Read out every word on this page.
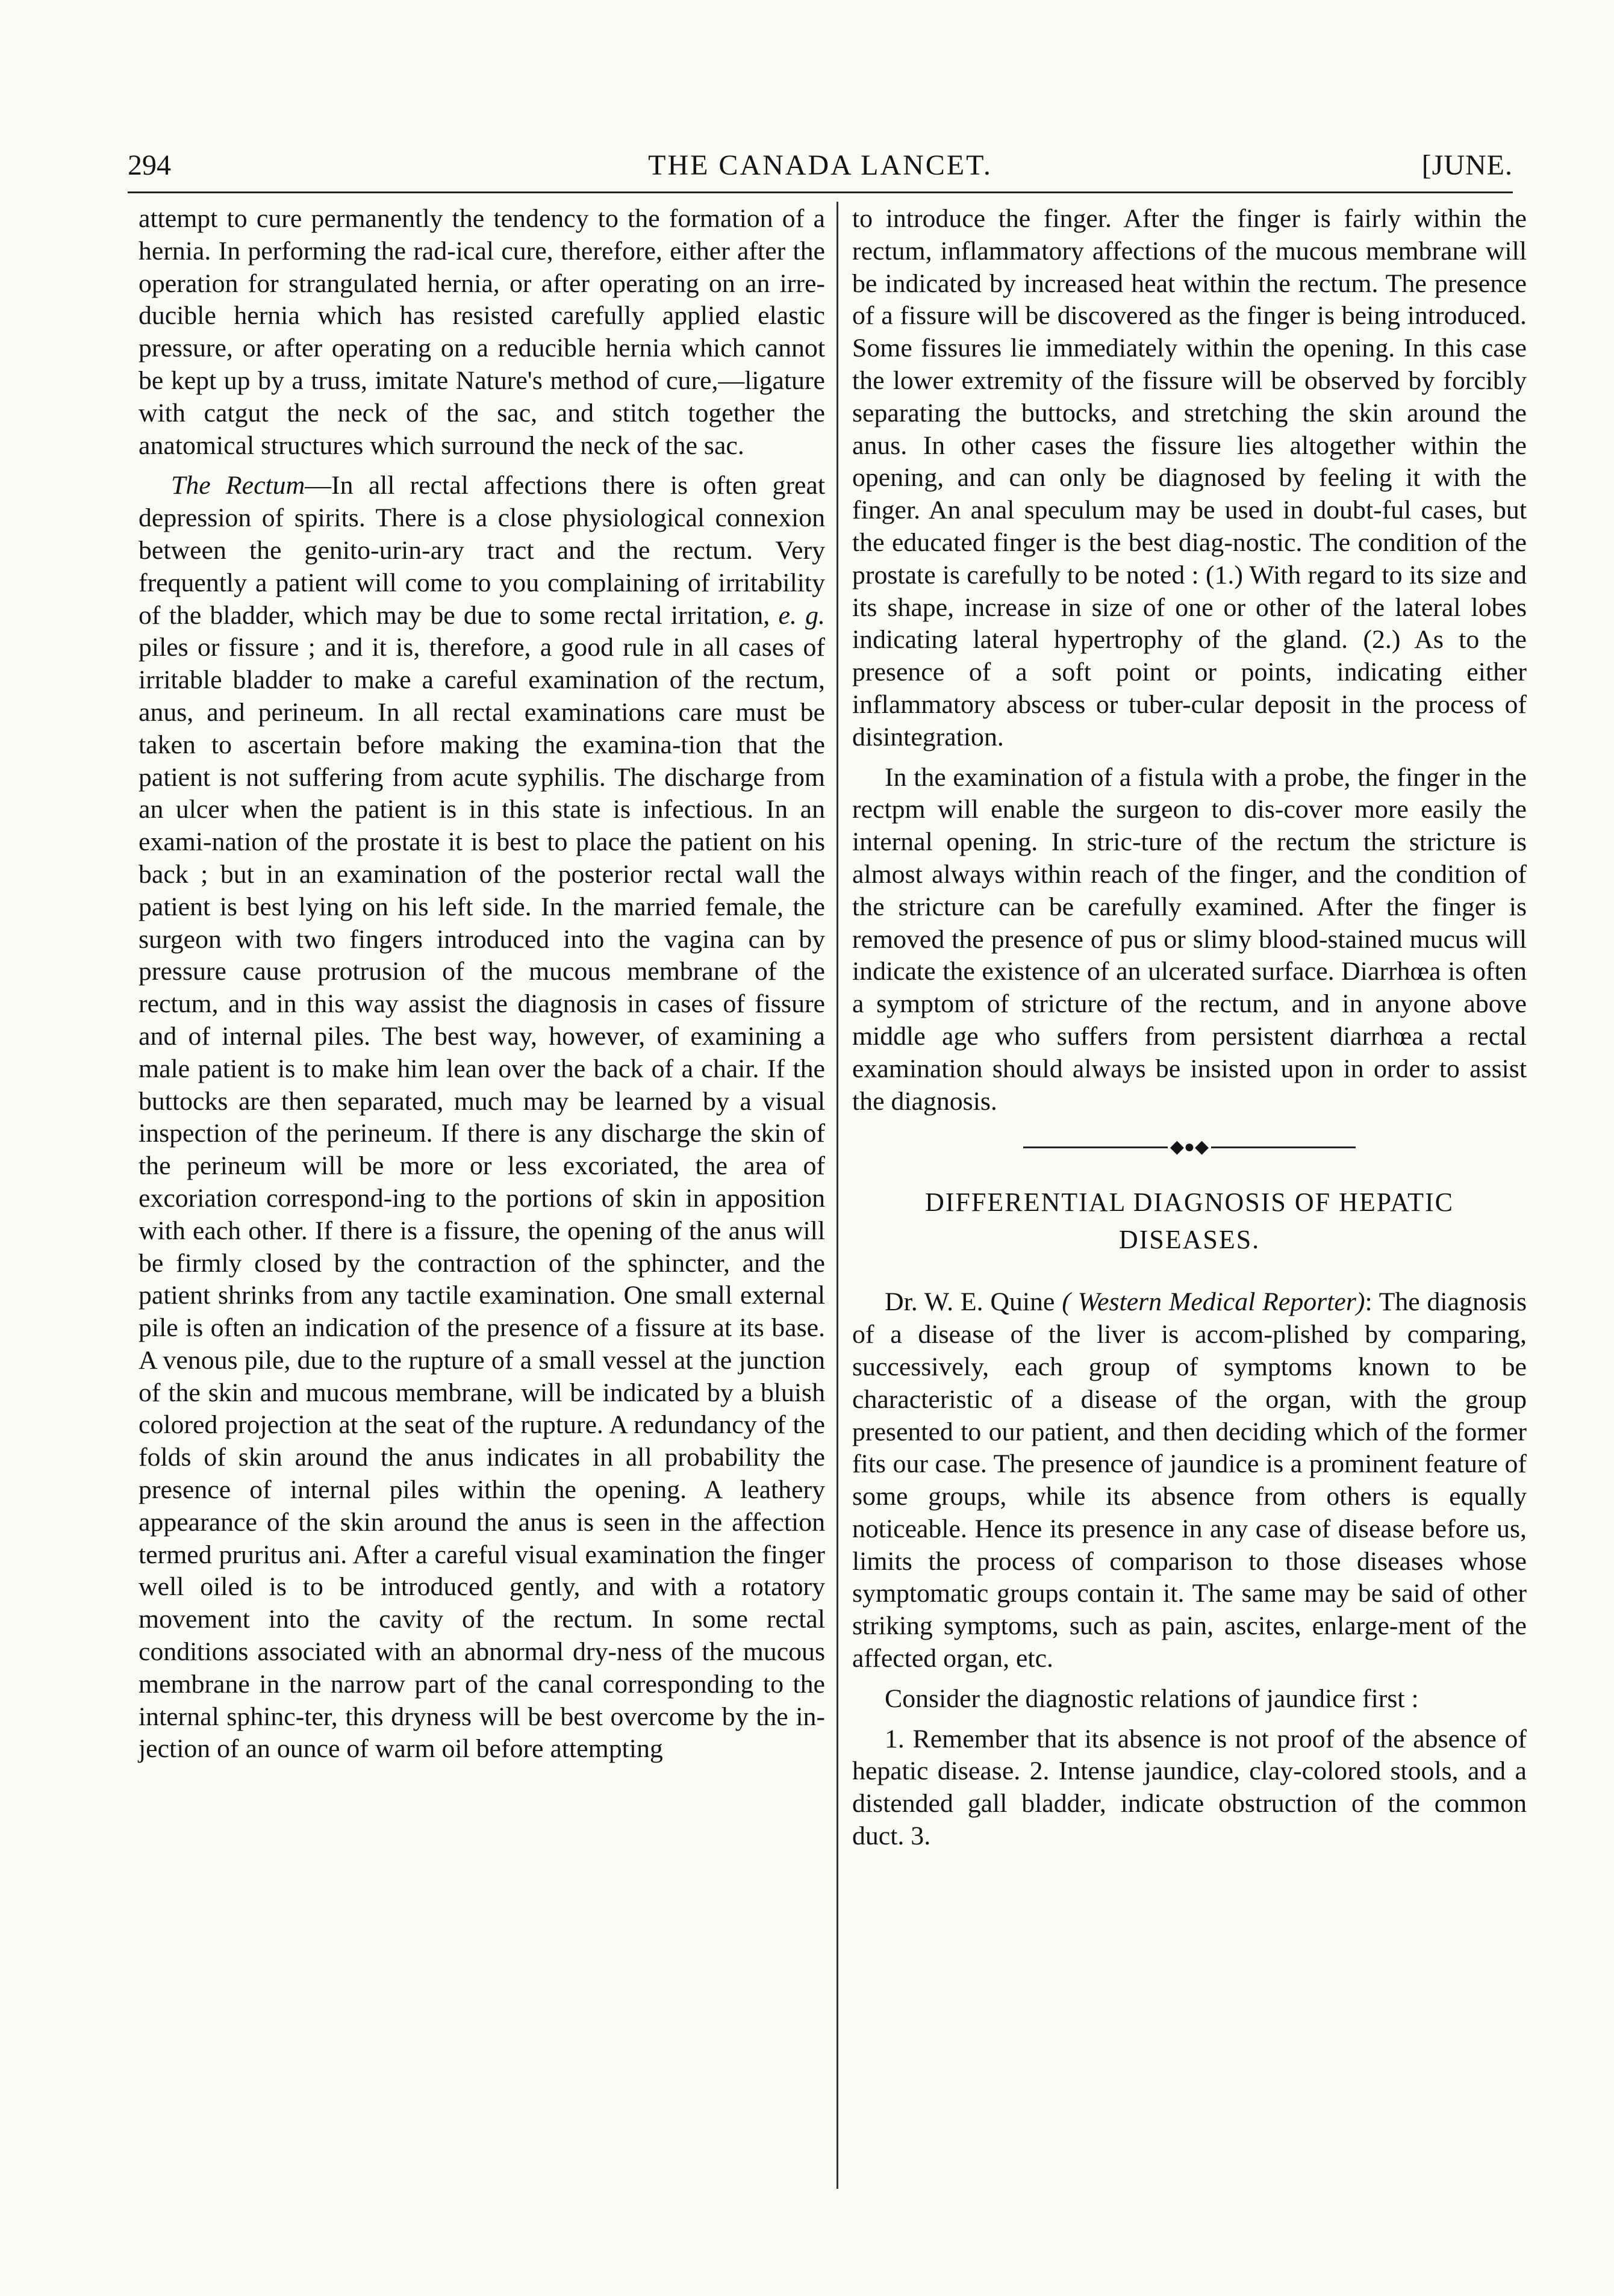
294	THE CANADA LANCET.	[JUNE.

attempt to cure permanently the tendency to the formation of a hernia. In performing the rad-ical cure, therefore, either after the operation for strangulated hernia, or after operating on an irre-ducible hernia which has resisted carefully applied elastic pressure, or after operating on a reducible hernia which cannot be kept up by a truss, imitate Nature's method of cure,—ligature with catgut the neck of the sac, and stitch together the anatomical structures which surround the neck of the sac.

The Rectum—In all rectal affections there is often great depression of spirits. There is a close physiological connexion between the genito-urin-ary tract and the rectum. Very frequently a patient will come to you complaining of irritability of the bladder, which may be due to some rectal irritation, e. g. piles or fissure ; and it is, therefore, a good rule in all cases of irritable bladder to make a careful examination of the rectum, anus, and perineum. In all rectal examinations care must be taken to ascertain before making the examina-tion that the patient is not suffering from acute syphilis. The discharge from an ulcer when the patient is in this state is infectious. In an exami-nation of the prostate it is best to place the patient on his back ; but in an examination of the posterior rectal wall the patient is best lying on his left side. In the married female, the surgeon with two fingers introduced into the vagina can by pressure cause protrusion of the mucous membrane of the rectum, and in this way assist the diagnosis in cases of fissure and of internal piles. The best way, however, of examining a male patient is to make him lean over the back of a chair. If the buttocks are then separated, much may be learned by a visual inspection of the perineum. If there is any discharge the skin of the perineum will be more or less excoriated, the area of excoriation correspond-ing to the portions of skin in apposition with each other. If there is a fissure, the opening of the anus will be firmly closed by the contraction of the sphincter, and the patient shrinks from any tactile examination. One small external pile is often an indication of the presence of a fissure at its base. A venous pile, due to the rupture of a small vessel at the junction of the skin and mucous membrane, will be indicated by a bluish colored projection at the seat of the rupture. A redundancy of the folds of skin around the anus indicates in all probability the presence of internal piles within the opening. A leathery appearance of the skin around the anus is seen in the affection termed pruritus ani. After a careful visual examination the finger well oiled is to be introduced gently, and with a rotatory movement into the cavity of the rectum. In some rectal conditions associated with an abnormal dry-ness of the mucous membrane in the narrow part of the canal corresponding to the internal sphinc-ter, this dryness will be best overcome by the in-jection of an ounce of warm oil before attempting

to introduce the finger. After the finger is fairly within the rectum, inflammatory affections of the mucous membrane will be indicated by increased heat within the rectum. The presence of a fissure will be discovered as the finger is being introduced. Some fissures lie immediately within the opening. In this case the lower extremity of the fissure will be observed by forcibly separating the buttocks, and stretching the skin around the anus. In other cases the fissure lies altogether within the opening, and can only be diagnosed by feeling it with the finger. An anal speculum may be used in doubt-ful cases, but the educated finger is the best diag-nostic. The condition of the prostate is carefully to be noted : (1.) With regard to its size and its shape, increase in size of one or other of the lateral lobes indicating lateral hypertrophy of the gland. (2.) As to the presence of a soft point or points, indicating either inflammatory abscess or tuber-cular deposit in the process of disintegration.

In the examination of a fistula with a probe, the finger in the rectpm will enable the surgeon to dis-cover more easily the internal opening. In stric-ture of the rectum the stricture is almost always within reach of the finger, and the condition of the stricture can be carefully examined. After the finger is removed the presence of pus or slimy blood-stained mucus will indicate the existence of an ulcerated surface. Diarrhœa is often a symptom of stricture of the rectum, and in anyone above middle age who suffers from persistent diarrhœa a rectal examination should always be insisted upon in order to assist the diagnosis.

◆●◆

DIFFERENTIAL DIAGNOSIS OF HEPATIC
DISEASES.

Dr. W. E. Quine ( Western Medical Reporter): The diagnosis of a disease of the liver is accom-plished by comparing, successively, each group of symptoms known to be characteristic of a disease of the organ, with the group presented to our patient, and then deciding which of the former fits our case. The presence of jaundice is a prominent feature of some groups, while its absence from others is equally noticeable. Hence its presence in any case of disease before us, limits the process of comparison to those diseases whose symptomatic groups contain it. The same may be said of other striking symptoms, such as pain, ascites, enlarge-ment of the affected organ, etc.

Consider the diagnostic relations of jaundice first :

1. Remember that its absence is not proof of the absence of hepatic disease. 2. Intense jaundice, clay-colored stools, and a distended gall bladder, indicate obstruction of the common duct. 3.
